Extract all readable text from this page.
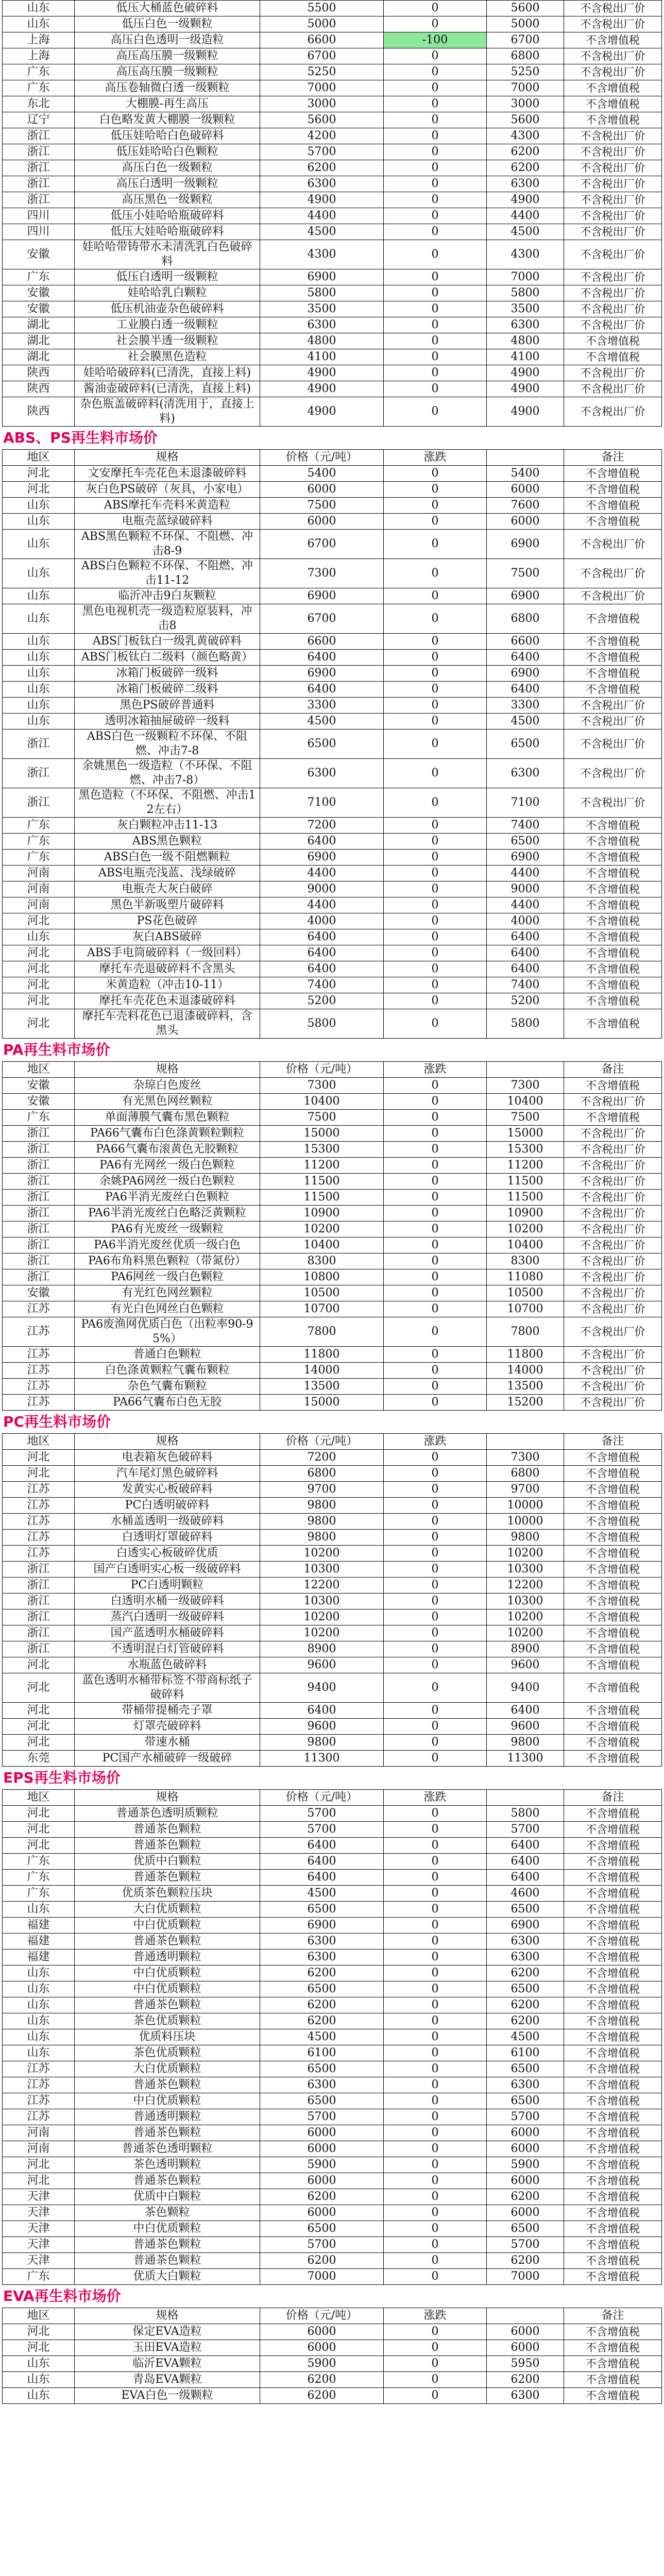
山东	低压大桶蓝色破碎料	5500	0	5600	不含税出厂价
山东	低压白色一级颗粒	5000	0	5000	不含税出厂价
上海	高压白色透明一级造粒	6600	-100	6700	不含增值税
上海	高压高压膜一级颗粒	6700	0	6800	不含税出厂价
广东	高压高压膜一级颗粒	5250	0	5250	不含税出厂价
广东	高压卷轴微白透一级颗粒	7000	0	7000	不含增值税
东北	大棚膜-再生高压	3000	0	3000	不含增值税
辽宁	白色略发黄大棚膜一级颗粒	5600	0	5600	不含增值税
浙江	低压娃哈哈白色破碎料	4200	0	4300	不含税出厂价
浙江	低压娃哈哈白色颗粒	5700	0	6200	不含税出厂价
浙江	高压白色一级颗粒	6200	0	6200	不含税出厂价
浙江	高压白透明一级颗粒	6300	0	6300	不含税出厂价
浙江	高压黑色一级颗粒	4900	0	4900	不含税出厂价
四川	低压小娃哈哈瓶破碎料	4400	0	4400	不含税出厂价
四川	低压大娃哈哈瓶破碎料	4500	0	4500	不含税出厂价
安徽	娃哈哈带铸带水未清洗乳白色破碎料	4300	0	4300	不含税出厂价
广东	低压白透明一级颗粒	6900	0	7000	不含税出厂价
安徽	娃哈哈乳白颗粒	5800	0	5800	不含税出厂价
安徽	低压机油壶杂色破碎料	3500	0	3500	不含税出厂价
湖北	工业膜白透一级颗粒	6300	0	6300	不含税出厂价
湖北	社会膜半透一级颗粒	4800	0	4800	不含增值税
湖北	社会膜黑色造粒	4100	0	4100	不含增值税
陕西	娃哈哈破碎料(已清洗，直接上料)	4900	0	4900	不含税出厂价
陕西	酱油壶破碎料(已清洗，直接上料)	4900	0	4900	不含税出厂价
陕西	杂色瓶盖破碎料(清洗用于，直接上料)	4900	0	4900	不含税出厂价
ABS、PS再生料市场价
地区	规格	价格（元/吨）	涨跌		备注
河北	文安摩托车壳花色未退漆破碎料	5400	0	5400	不含增值税
河北	灰白色PS破碎（灰具，小家电）	6000	0	6000	不含增值税
山东	ABS摩托车壳料米黄造粒	7500	0	7600	不含增值税
山东	电瓶壳蓝绿破碎料	6000	0	6000	不含增值税
山东	ABS黑色颗粒不环保、不阻燃、冲击8-9	6700	0	6900	不含税出厂价
山东	ABS白色颗粒不环保、不阻燃、冲击11-12	7300	0	7500	不含税出厂价
山东	临沂冲击9白灰颗粒	6900	0	6900	不含税出厂价
山东	黑色电视机壳一级造粒原装料，冲击8	6700	0	6800	不含增值税
山东	ABS门板钛白一级乳黄破碎料	6600	0	6600	不含增值税
山东	ABS门板钛白二级料（颜色略黄）	6400	0	6400	不含增值税
山东	冰箱门板破碎一级料	6900	0	6900	不含增值税
山东	冰箱门板破碎二级料	6400	0	6400	不含增值税
山东	黑色PS破碎普通料	3300	0	3300	不含税出厂价
山东	透明冰箱抽屉破碎一级料	4500	0	4500	不含税出厂价
浙江	ABS白色一级颗粒不环保、不阻燃、冲击7-8	6500	0	6500	不含税出厂价
浙江	余姚黑色一级造粒（不环保、不阻燃、冲击7-8）	6300	0	6300	不含税出厂价
浙江	黑色造粒（不环保、不阻燃、冲击12左右）	7100	0	7100	不含税出厂价
广东	灰白颗粒冲击11-13	7200	0	7400	不含增值税
广东	ABS黑色颗粒	6400	0	6500	不含增值税
广东	ABS白色一级不阻燃颗粒	6900	0	6900	不含增值税
河南	ABS电瓶壳浅蓝、浅绿破碎	4400	0	4400	不含增值税
河南	电瓶壳大灰白破碎	9000	0	9000	不含增值税
河南	黑色半新吸塑片破碎料	4400	0	4400	不含增值税
河北	PS花色破碎	4000	0	4000	不含增值税
山东	灰白ABS破碎	6400	0	6400	不含增值税
河北	ABS手电筒破碎料（一级回料）	6400	0	6400	不含增值税
河北	摩托车壳退破碎料不含黑头	6400	0	6400	不含增值税
河北	米黄造粒（冲击10-11）	7400	0	7400	不含增值税
河北	摩托车壳花色未退漆破碎料	5200	0	5200	不含增值税
河北	摩托车壳料花色已退漆破碎料，含黑头	5800	0	5800	不含增值税
PA再生料市场价
地区	规格	价格（元/吨）	涨跌		备注
安徽	杂琼白色废丝	7300	0	7300	不含增值税
安徽	有光黑色网丝颗粒	10400	0	10400	不含税出厂价
广东	单面薄膜气囊布黑色颗粒	7500	0	7500	不含增值税
浙江	PA66气囊布白色涤黄颗粒颗粒	15000	0	15000	不含税出厂价
浙江	PA66气囊布滚黄色无胶颗粒	15300	0	15300	不含税出厂价
浙江	PA6有光网丝一级白色颗粒	11200	0	11200	不含税出厂价
浙江	余姚PA6网丝一级白色颗粒	11500	0	11500	不含税出厂价
浙江	PA6半消光废丝白色颗粒	11500	0	11500	不含税出厂价
浙江	PA6半消光废丝白色略泛黄颗粒	10900	0	10900	不含税出厂价
浙江	PA6有光废丝一级颗粒	10200	0	10200	不含税出厂价
浙江	PA6半消光废丝优质一级白色	10400	0	10400	不含税出厂价
浙江	PA6布角料黑色颗粒（带氮份）	8300	0	8300	不含税出厂价
浙江	PA6网丝一级白色颗粒	10800	0	11080	不含税出厂价
安徽	有光红色网丝颗粒	10500	0	10500	不含税出厂价
江苏	有光白色网丝白色颗粒	10700	0	10700	不含税出厂价
江苏	PA6废渔网优质白色（出粒率90-95%）	7800	0	7800	不含税出厂价
江苏	普通白色颗粒	11800	0	11800	不含税出厂价
江苏	白色涤黄颗粒气囊布颗粒	14000	0	14000	不含税出厂价
江苏	杂色气囊布颗粒	13500	0	13500	不含税出厂价
江苏	PA66气囊布白色无胶	15000	0	15200	不含税出厂价
PC再生料市场价
地区	规格	价格（元/吨）	涨跌		备注
河北	电表箱灰色破碎料	7200	0	7300	不含增值税
河北	汽车尾灯黑色破碎料	6800	0	6800	不含增值税
江苏	发黄实心板破碎料	9700	0	9700	不含增值税
江苏	PC白透明破碎料	9800	0	10000	不含增值税
江苏	水桶盖透明一级破碎料	9800	0	10000	不含增值税
江苏	白透明灯罩破碎料	9800	0	9800	不含增值税
江苏	白透实心板破碎优质	10200	0	10200	不含增值税
浙江	国产白透明实心板一级破碎料	10300	0	10300	不含增值税
浙江	PC白透明颗粒	12200	0	12200	不含增值税
浙江	白透明水桶一级破碎料	10300	0	10300	不含增值税
浙江	蒸汽白透明一级破碎料	10200	0	10200	不含增值税
浙江	国产蓝透明水桶破碎料	10200	0	10200	不含增值税
浙江	不透明混白灯管破碎料	8900	0	8900	不含增值税
河北	水瓶蓝色破碎料	9600	0	9600	不含增值税
河北	蓝色透明水桶带标签不带商标纸子破碎料	9400	0	9400	不含增值税
河北	带桶带提桶壳子罩	6400	0	6400	不含增值税
河北	灯罩壳破碎料	9600	0	9600	不含增值税
河北	带速水桶	9800	0	9800	不含增值税
东莞	PC国产水桶破碎一级破碎	11300	0	11300	不含增值税
EPS再生料市场价
地区	规格	价格（元/吨）	涨跌		备注
河北	普通茶色透明质颗粒	5700	0	5800	不含增值税
河北	普通茶色颗粒	5700	0	5700	不含增值税
河北	普通茶色颗粒	6400	0	6400	不含增值税
广东	优质中白颗粒	6400	0	6400	不含增值税
广东	普通茶色颗粒	6400	0	6400	不含增值税
广东	优质茶色颗粒压块	4500	0	4600	不含增值税
山东	大白优质颗粒	6500	0	6500	不含增值税
福建	中白优质颗粒	6900	0	6900	不含增值税
福建	普通茶色颗粒	6300	0	6300	不含增值税
福建	普通透明颗粒	6300	0	6300	不含增值税
山东	中白优质颗粒	6200	0	6200	不含增值税
山东	中白优质颗粒	6500	0	6500	不含增值税
山东	普通茶色颗粒	6200	0	6200	不含增值税
山东	茶色优质颗粒	6200	0	6200	不含增值税
山东	优质料压块	4500	0	4500	不含增值税
山东	茶色优质颗粒	6100	0	6100	不含增值税
江苏	大白优质颗粒	6500	0	6500	不含增值税
江苏	普通茶色颗粒	6300	0	6300	不含增值税
江苏	中白优质颗粒	6500	0	6500	不含增值税
江苏	普通透明颗粒	5700	0	5700	不含增值税
河南	普通茶色颗粒	6000	0	6000	不含增值税
河南	普通茶色透明颗粒	6000	0	6000	不含增值税
河北	茶色透明颗粒	5900	0	5900	不含增值税
河北	普通茶色颗粒	6000	0	6000	不含增值税
天津	优质中白颗粒	6200	0	6200	不含增值税
天津	茶色颗粒	6000	0	6000	不含增值税
天津	中白优质颗粒	6500	0	6500	不含增值税
天津	普通茶色颗粒	5700	0	5700	不含增值税
天津	普通茶色颗粒	6200	0	6200	不含增值税
广东	优质大白颗粒	7000	0	7000	不含增值税
EVA再生料市场价
地区	规格	价格（元/吨）	涨跌		备注
河北	保定EVA造粒	6000	0	6000	不含增值税
河北	玉田EVA造粒	6000	0	6000	不含增值税
山东	临沂EVA颗粒	5900	0	5950	不含增值税
山东	青岛EVA颗粒	6200	0	6200	不含增值税
山东	EVA白色一级颗粒	6200	0	6300	不含增值税
